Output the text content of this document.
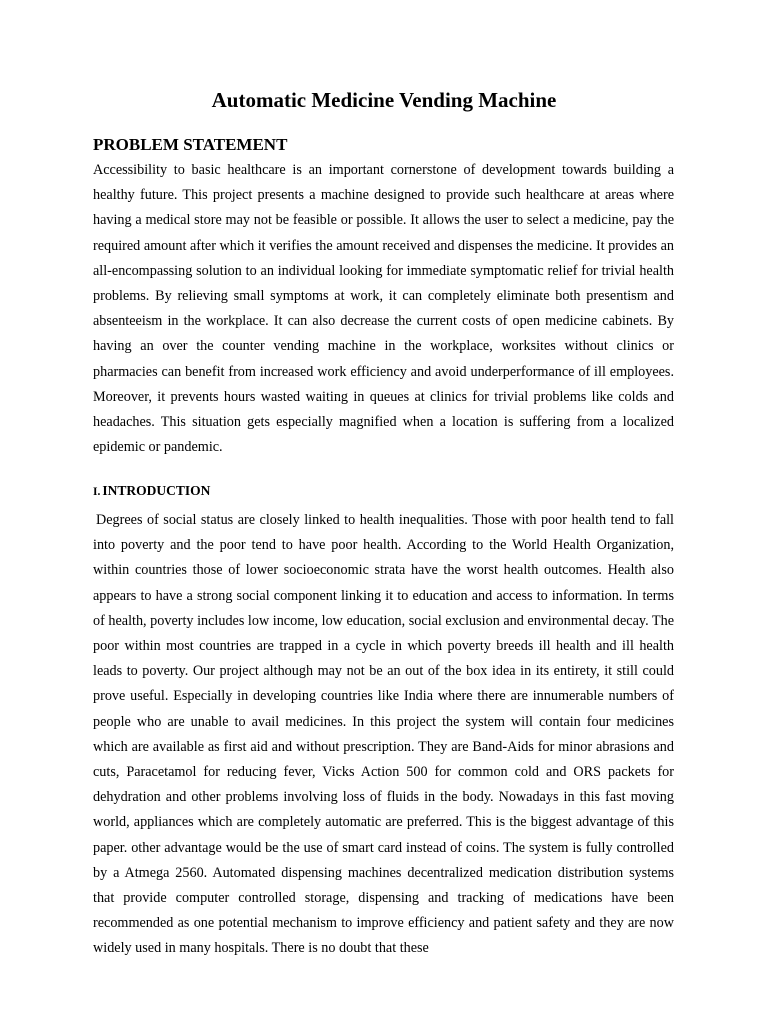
Automatic Medicine Vending Machine
PROBLEM STATEMENT

Accessibility to basic healthcare is an important cornerstone of development towards building a healthy future. This project presents a machine designed to provide such healthcare at areas where having a medical store may not be feasible or possible. It allows the user to select a medicine, pay the required amount after which it verifies the amount received and dispenses the medicine. It provides an all-encompassing solution to an individual looking for immediate symptomatic relief for trivial health problems. By relieving small symptoms at work, it can completely eliminate both presentism and absenteeism in the workplace. It can also decrease the current costs of open medicine cabinets. By having an over the counter vending machine in the workplace, worksites without clinics or pharmacies can benefit from increased work efficiency and avoid underperformance of ill employees. Moreover, it prevents hours wasted waiting in queues at clinics for trivial problems like colds and headaches. This situation gets especially magnified when a location is suffering from a localized epidemic or pandemic.

I. INTRODUCTION

Degrees of social status are closely linked to health inequalities. Those with poor health tend to fall into poverty and the poor tend to have poor health. According to the World Health Organization, within countries those of lower socioeconomic strata have the worst health outcomes. Health also appears to have a strong social component linking it to education and access to information. In terms of health, poverty includes low income, low education, social exclusion and environmental decay. The poor within most countries are trapped in a cycle in which poverty breeds ill health and ill health leads to poverty. Our project although may not be an out of the box idea in its entirety, it still could prove useful. Especially in developing countries like India where there are innumerable numbers of people who are unable to avail medicines. In this project the system will contain four medicines which are available as first aid and without prescription. They are Band-Aids for minor abrasions and cuts, Paracetamol for reducing fever, Vicks Action 500 for common cold and ORS packets for dehydration and other problems involving loss of fluids in the body. Nowadays in this fast moving world, appliances which are completely automatic are preferred. This is the biggest advantage of this paper. other advantage would be the use of smart card instead of coins. The system is fully controlled by a Atmega 2560. Automated dispensing machines decentralized medication distribution systems that provide computer controlled storage, dispensing and tracking of medications have been recommended as one potential mechanism to improve efficiency and patient safety and they are now widely used in many hospitals. There is no doubt that these
